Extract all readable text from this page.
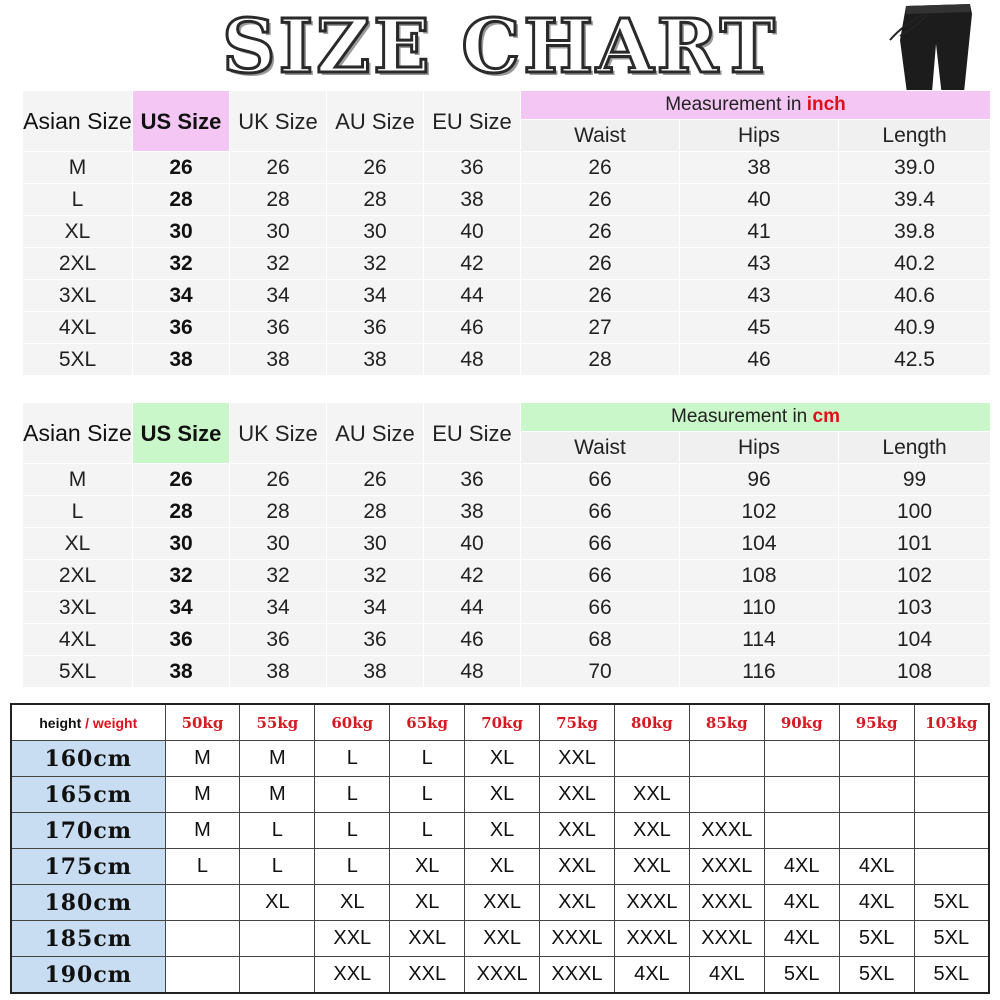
SIZE CHART
Asian Size	US Size	UK Size	AU Size	EU Size	Measurement in inch		
					Waist	Hips	Length
M	26	26	26	36	26	38	39.0
L	28	28	28	38	26	40	39.4
XL	30	30	30	40	26	41	39.8
2XL	32	32	32	42	26	43	40.2
3XL	34	34	34	44	26	43	40.6
4XL	36	36	36	46	27	45	40.9
5XL	38	38	38	48	28	46	42.5
Asian Size	US Size	UK Size	AU Size	EU Size	Measurement in cm		
					Waist	Hips	Length
M	26	26	26	36	66	96	99
L	28	28	28	38	66	102	100
XL	30	30	30	40	66	104	101
2XL	32	32	32	42	66	108	102
3XL	34	34	34	44	66	110	103
4XL	36	36	36	46	68	114	104
5XL	38	38	38	48	70	116	108
height / weight	50kg	55kg	60kg	65kg	70kg	75kg	80kg	85kg	90kg	95kg	103kg
160cm	M	M	L	L	XL	XXL					
165cm	M	M	L	L	XL	XXL	XXL				
170cm	M	L	L	L	XL	XXL	XXL	XXXL			
175cm	L	L	L	XL	XL	XXL	XXL	XXXL	4XL	4XL	
180cm		XL	XL	XL	XXL	XXL	XXXL	XXXL	4XL	4XL	5XL
185cm			XXL	XXL	XXL	XXXL	XXXL	XXXL	4XL	5XL	5XL
190cm			XXL	XXL	XXXL	XXXL	4XL	4XL	5XL	5XL	5XL
